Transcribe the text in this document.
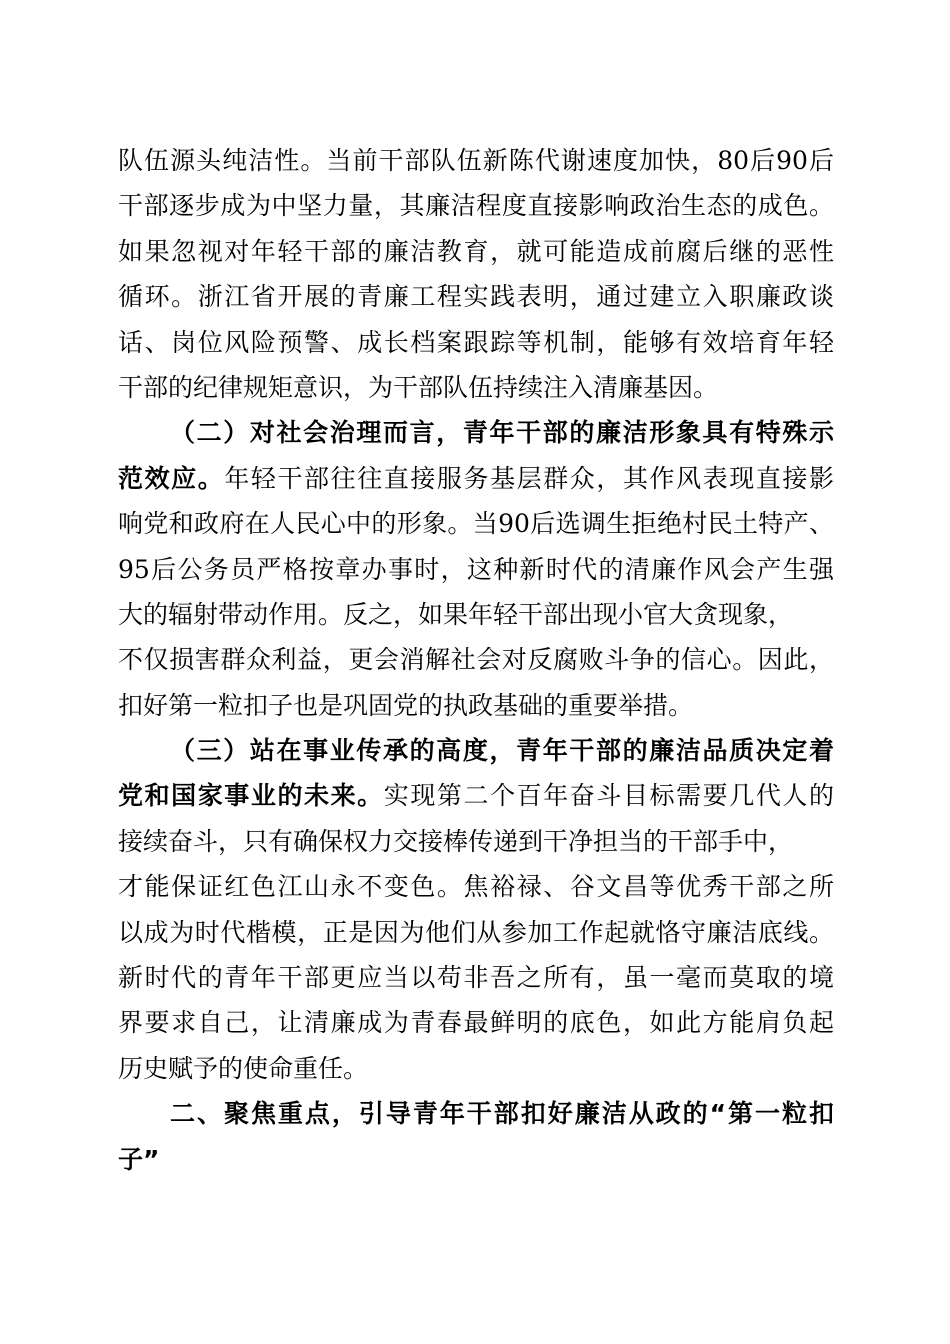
队伍源头纯洁性。当前干部队伍新陈代谢速度加快，80后90后
干部逐步成为中坚力量，其廉洁程度直接影响政治生态的成色。
如果忽视对年轻干部的廉洁教育，就可能造成前腐后继的恶性
循环。浙江省开展的青廉工程实践表明，通过建立入职廉政谈
话、岗位风险预警、成长档案跟踪等机制，能够有效培育年轻
干部的纪律规矩意识，为干部队伍持续注入清廉基因。
（二）对社会治理而言，青年干部的廉洁形象具有特殊示
范效应。年轻干部往往直接服务基层群众，其作风表现直接影
响党和政府在人民心中的形象。当90后选调生拒绝村民土特产、
95后公务员严格按章办事时，这种新时代的清廉作风会产生强
大的辐射带动作用。反之，如果年轻干部出现小官大贪现象，
不仅损害群众利益，更会消解社会对反腐败斗争的信心。因此，
扣好第一粒扣子也是巩固党的执政基础的重要举措。
（三）站在事业传承的高度，青年干部的廉洁品质决定着
党和国家事业的未来。实现第二个百年奋斗目标需要几代人的
接续奋斗，只有确保权力交接棒传递到干净担当的干部手中，
才能保证红色江山永不变色。焦裕禄、谷文昌等优秀干部之所
以成为时代楷模，正是因为他们从参加工作起就恪守廉洁底线。
新时代的青年干部更应当以苟非吾之所有，虽一毫而莫取的境
界要求自己，让清廉成为青春最鲜明的底色，如此方能肩负起
历史赋予的使命重任。
二、聚焦重点，引导青年干部扣好廉洁从政的“第一粒扣
子”
